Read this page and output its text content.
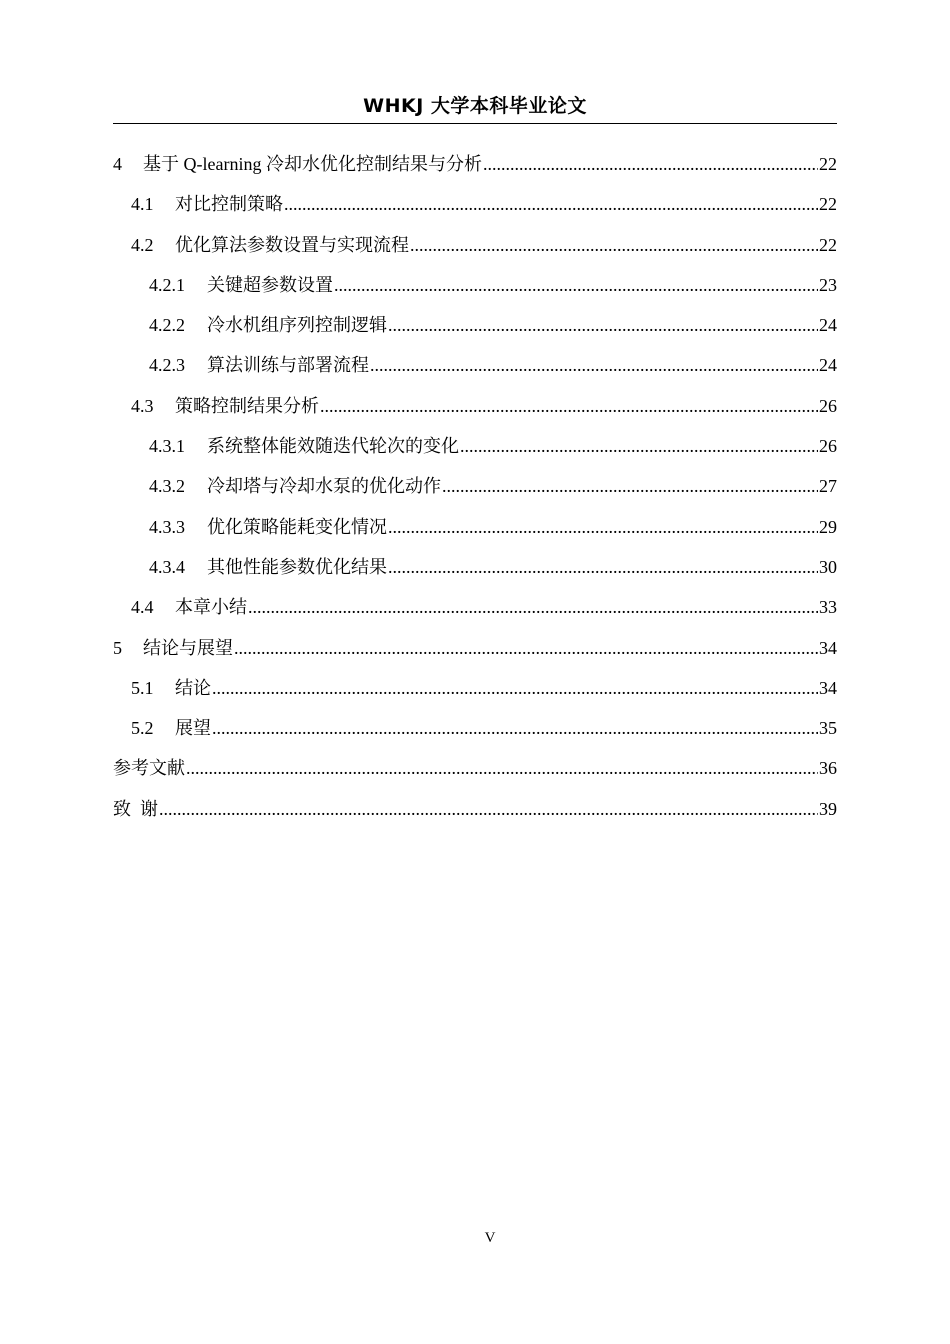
WHKJ 大学本科毕业论文
4	基于 Q-learning 冷却水优化控制结果与分析 .....	22
4.1	对比控制策略 .....	22
4.2	优化算法参数设置与实现流程 .....	22
4.2.1	关键超参数设置 .....	23
4.2.2	冷水机组序列控制逻辑 .....	24
4.2.3	算法训练与部署流程 .....	24
4.3	策略控制结果分析 .....	26
4.3.1	系统整体能效随迭代轮次的变化 .....	26
4.3.2	冷却塔与冷却水泵的优化动作 .....	27
4.3.3	优化策略能耗变化情况 .....	29
4.3.4	其他性能参数优化结果 .....	30
4.4	本章小结 .....	33
5	结论与展望 .....	34
5.1	结论 .....	34
5.2	展望 .....	35
参考文献 .....	36
致  谢 .....	39
V
